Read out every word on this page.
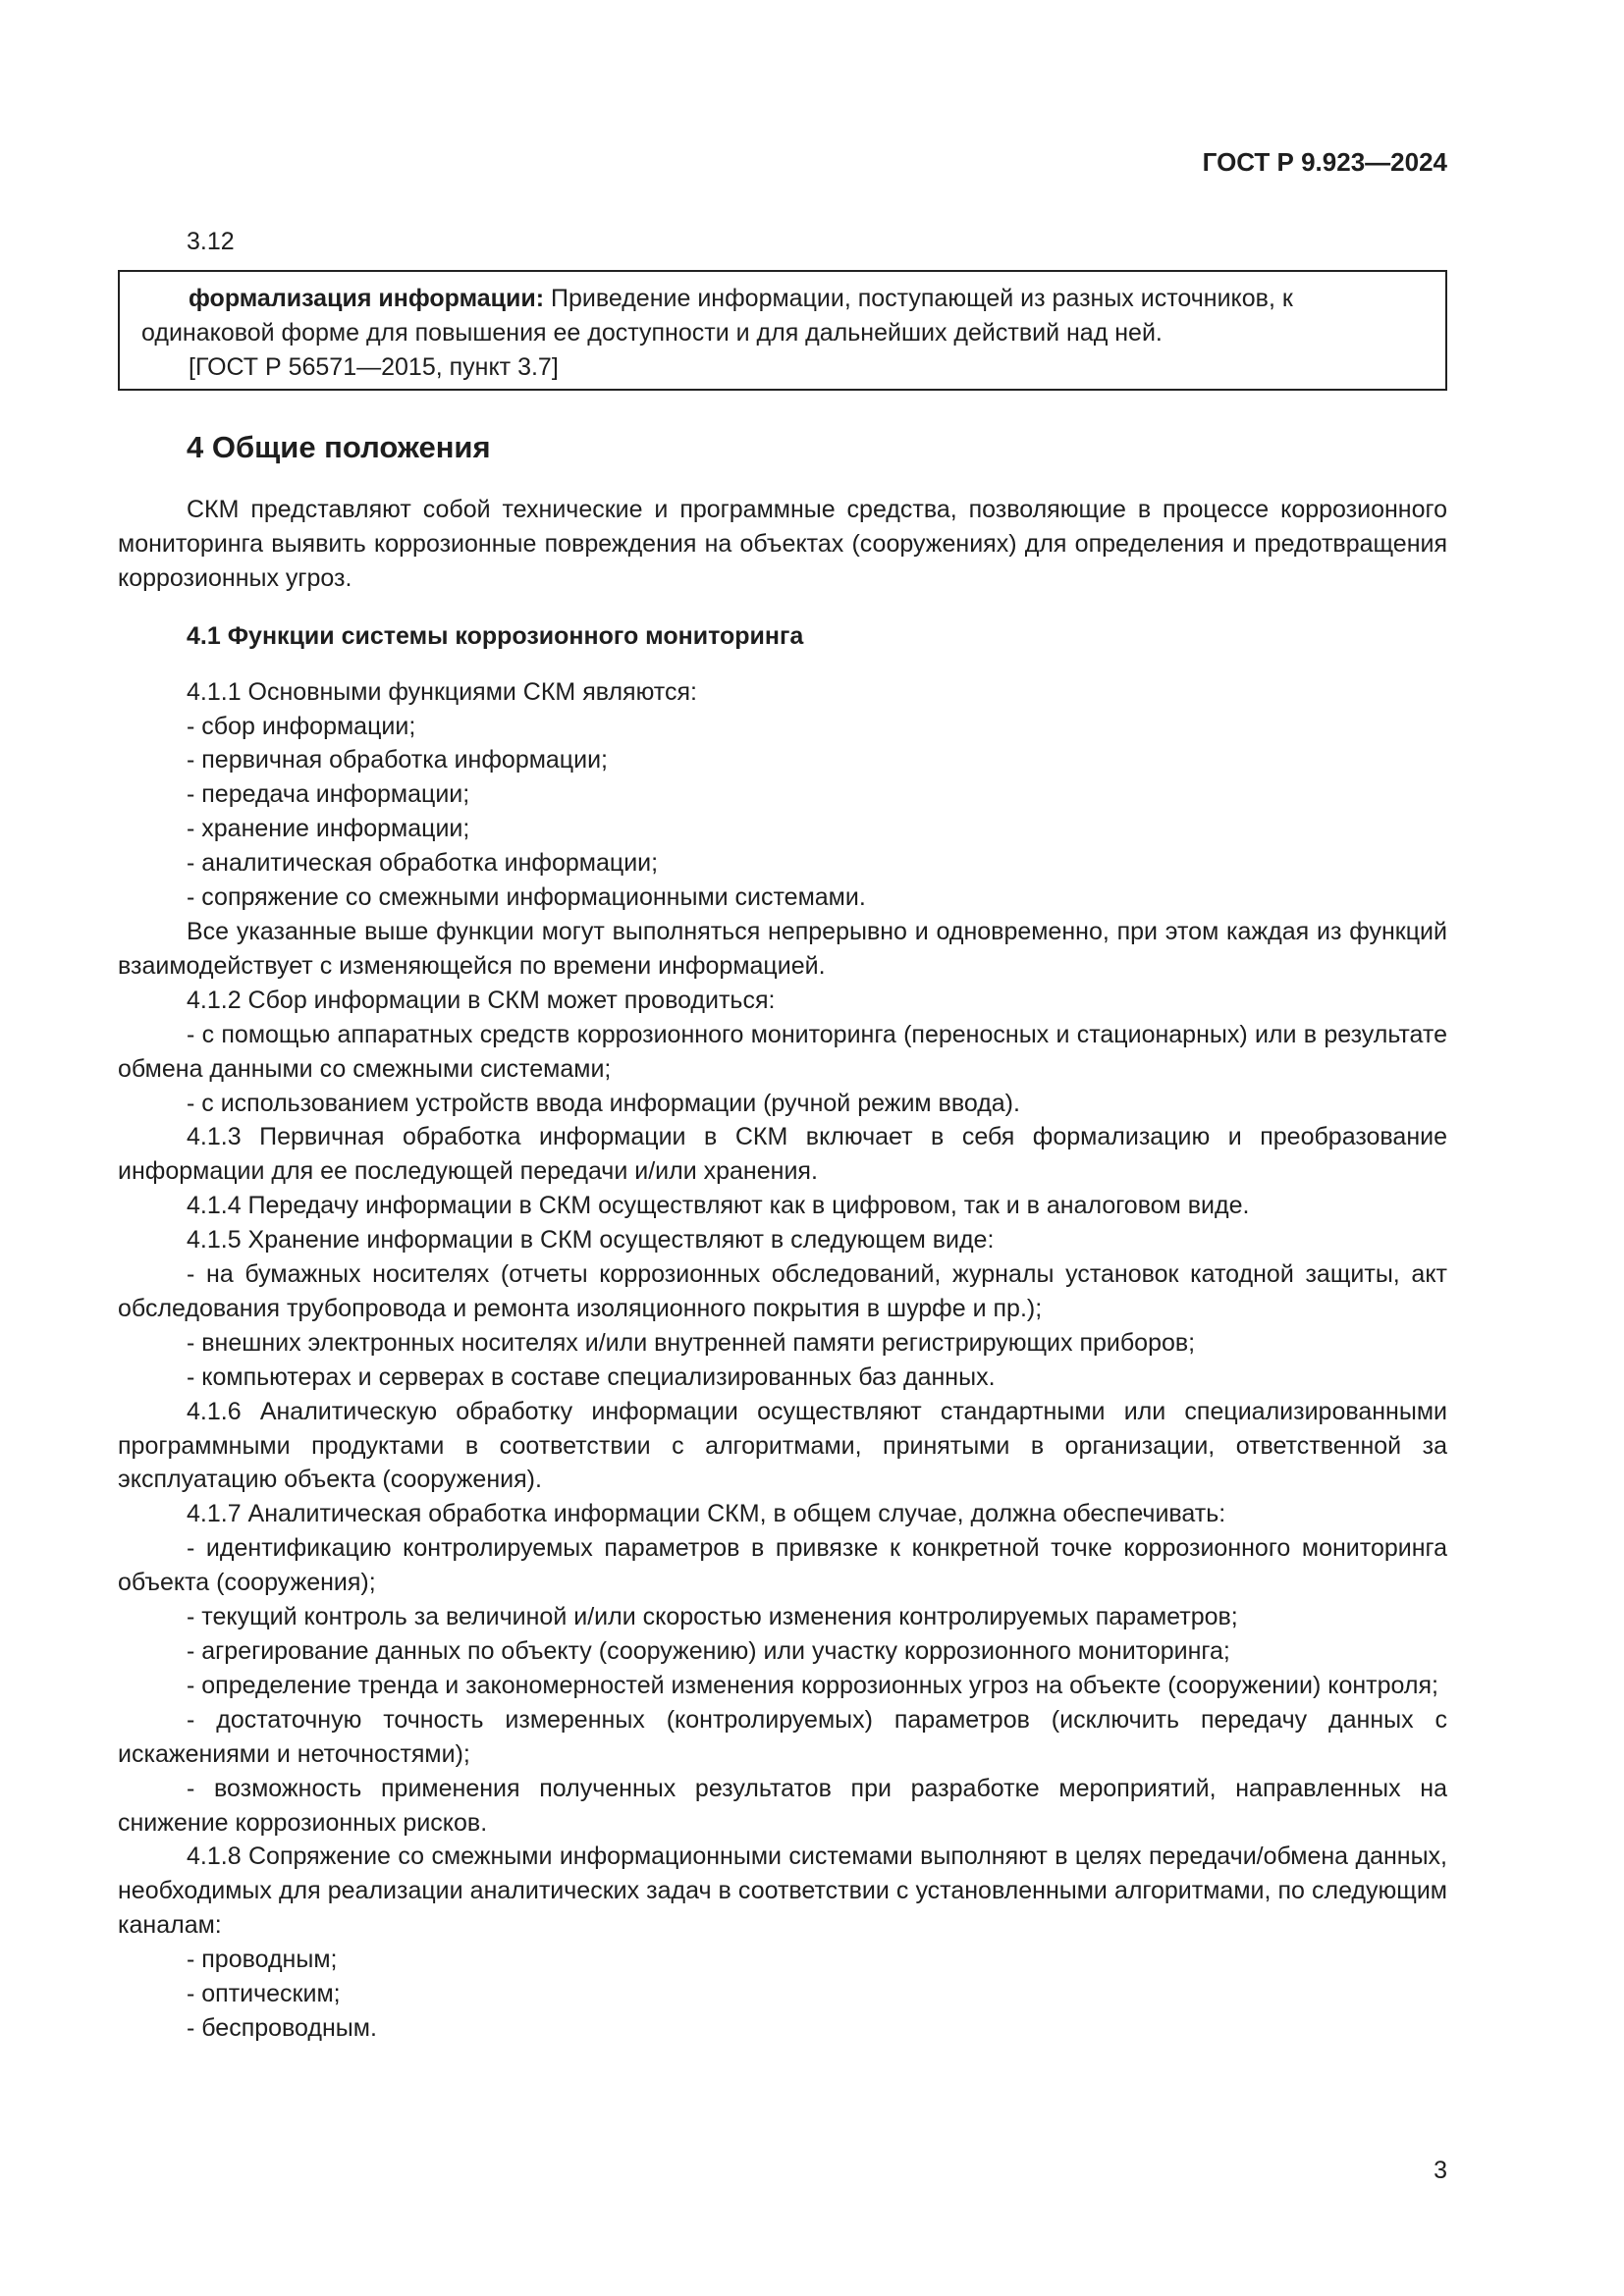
ГОСТ Р 9.923—2024
3.12
формализация информации: Приведение информации, поступающей из разных источников, к
одинаковой форме для повышения ее доступности и для дальнейших действий над ней.
[ГОСТ Р 56571—2015, пункт 3.7]
4 Общие положения

СКМ представляют собой технические и программные средства, позволяющие в процессе коррозионного мониторинга выявить коррозионные повреждения на объектах (сооружениях) для определения и предотвращения коррозионных угроз.

4.1 Функции системы коррозионного мониторинга

4.1.1 Основными функциями СКМ являются:

- сбор информации;

- первичная обработка информации;

- передача информации;

- хранение информации;

- аналитическая обработка информации;

- сопряжение со смежными информационными системами.

Все указанные выше функции могут выполняться непрерывно и одновременно, при этом каждая из функций взаимодействует с изменяющейся по времени информацией.

4.1.2 Сбор информации в СКМ может проводиться:

- с помощью аппаратных средств коррозионного мониторинга (переносных и стационарных) или в результате обмена данными со смежными системами;

- с использованием устройств ввода информации (ручной режим ввода).

4.1.3 Первичная обработка информации в СКМ включает в себя формализацию и преобразование информации для ее последующей передачи и/или хранения.

4.1.4 Передачу информации в СКМ осуществляют как в цифровом, так и в аналоговом виде.

4.1.5 Хранение информации в СКМ осуществляют в следующем виде:

- на бумажных носителях (отчеты коррозионных обследований, журналы установок катодной защиты, акт обследования трубопровода и ремонта изоляционного покрытия в шурфе и пр.);

- внешних электронных носителях и/или внутренней памяти регистрирующих приборов;

- компьютерах и серверах в составе специализированных баз данных.

4.1.6 Аналитическую обработку информации осуществляют стандартными или специализированными программными продуктами в соответствии с алгоритмами, принятыми в организации, ответственной за эксплуатацию объекта (сооружения).

4.1.7 Аналитическая обработка информации СКМ, в общем случае, должна обеспечивать:

- идентификацию контролируемых параметров в привязке к конкретной точке коррозионного мониторинга объекта (сооружения);

- текущий контроль за величиной и/или скоростью изменения контролируемых параметров;

- агрегирование данных по объекту (сооружению) или участку коррозионного мониторинга;

- определение тренда и закономерностей изменения коррозионных угроз на объекте (сооружении) контроля;

- достаточную точность измеренных (контролируемых) параметров (исключить передачу данных с искажениями и неточностями);

- возможность применения полученных результатов при разработке мероприятий, направленных на снижение коррозионных рисков.

4.1.8 Сопряжение со смежными информационными системами выполняют в целях передачи/обмена данных, необходимых для реализации аналитических задач в соответствии с установленными алгоритмами, по следующим каналам:

- проводным;

- оптическим;

- беспроводным.

3
